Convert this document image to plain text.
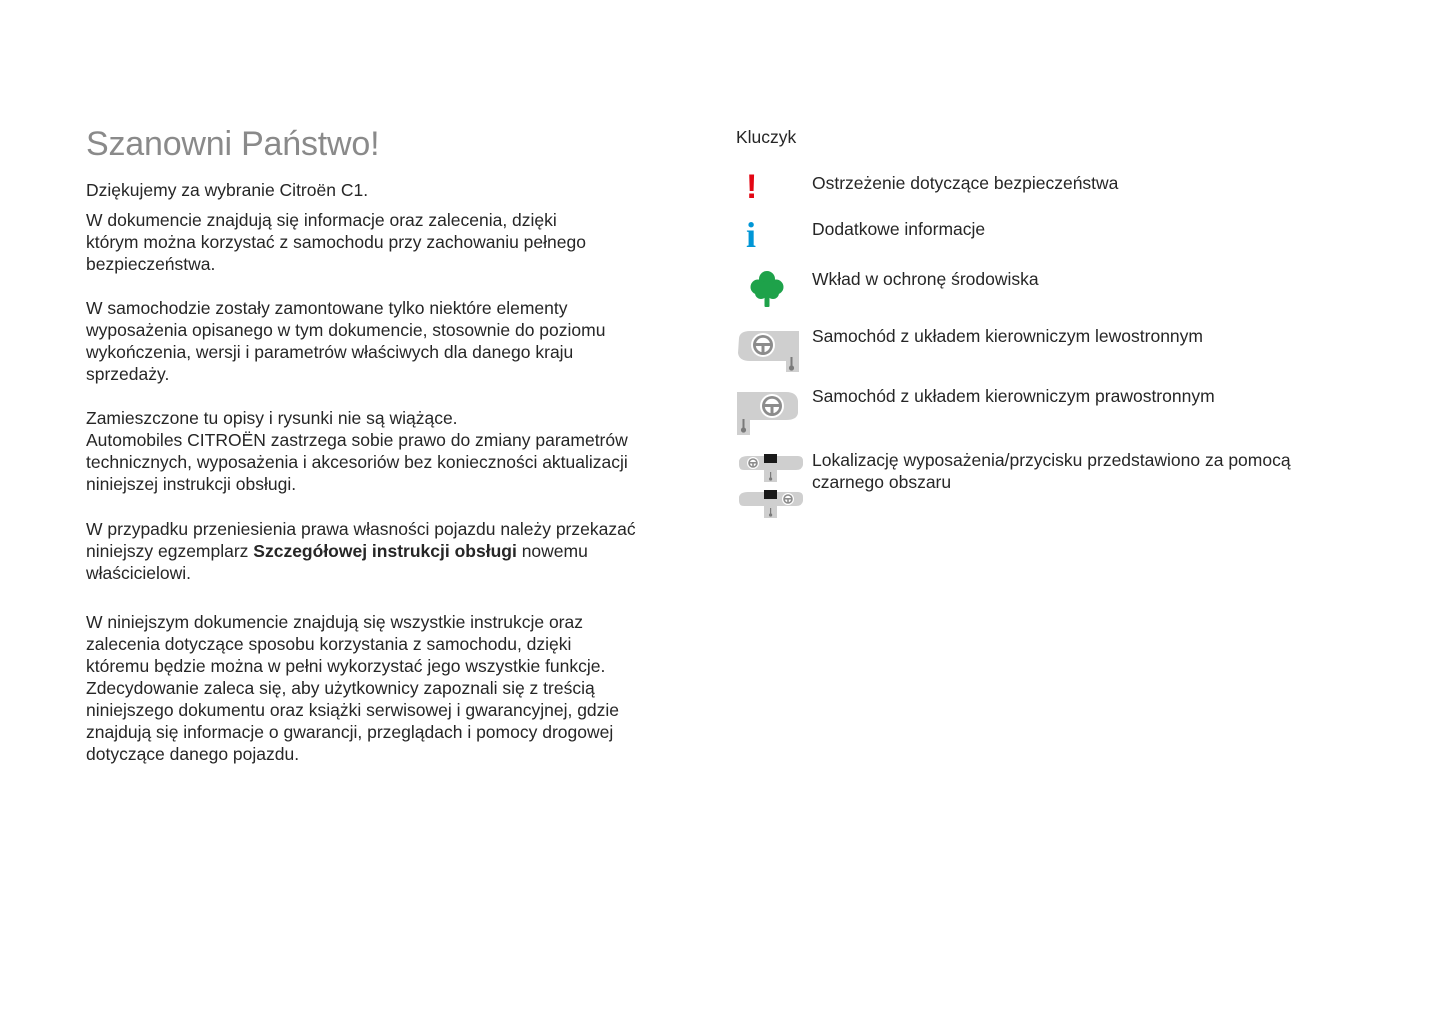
Szanowni Państwo!

Dziękujemy za wybranie Citroën C1.

W dokumencie znajdują się informacje oraz zalecenia, dzięki
którym można korzystać z samochodu przy zachowaniu pełnego
bezpieczeństwa.

W samochodzie zostały zamontowane tylko niektóre elementy
wyposażenia opisanego w tym dokumencie, stosownie do poziomu
wykończenia, wersji i parametrów właściwych dla danego kraju
sprzedaży.

Zamieszczone tu opisy i rysunki nie są wiążące.
Automobiles CITROËN zastrzega sobie prawo do zmiany parametrów
technicznych, wyposażenia i akcesoriów bez konieczności aktualizacji
niniejszej instrukcji obsługi.

W przypadku przeniesienia prawa własności pojazdu należy przekazać
niniejszy egzemplarz Szczegółowej instrukcji obsługi nowemu
właścicielowi.

W niniejszym dokumencie znajdują się wszystkie instrukcje oraz
zalecenia dotyczące sposobu korzystania z samochodu, dzięki
któremu będzie można w pełni wykorzystać jego wszystkie funkcje.
Zdecydowanie zaleca się, aby użytkownicy zapoznali się z treścią
niniejszego dokumentu oraz książki serwisowej i gwarancyjnej, gdzie
znajdują się informacje o gwarancji, przeglądach i pomocy drogowej
dotyczące danego pojazdu.

Kluczyk
!	Ostrzeżenie dotyczące bezpieczeństwa
i	Dodatkowe informacje
Wkład w ochronę środowiska
Samochód z układem kierowniczym lewostronnym
Samochód z układem kierowniczym prawostronnym
Lokalizację wyposażenia/przycisku przedstawiono za pomocą
czarnego obszaru
